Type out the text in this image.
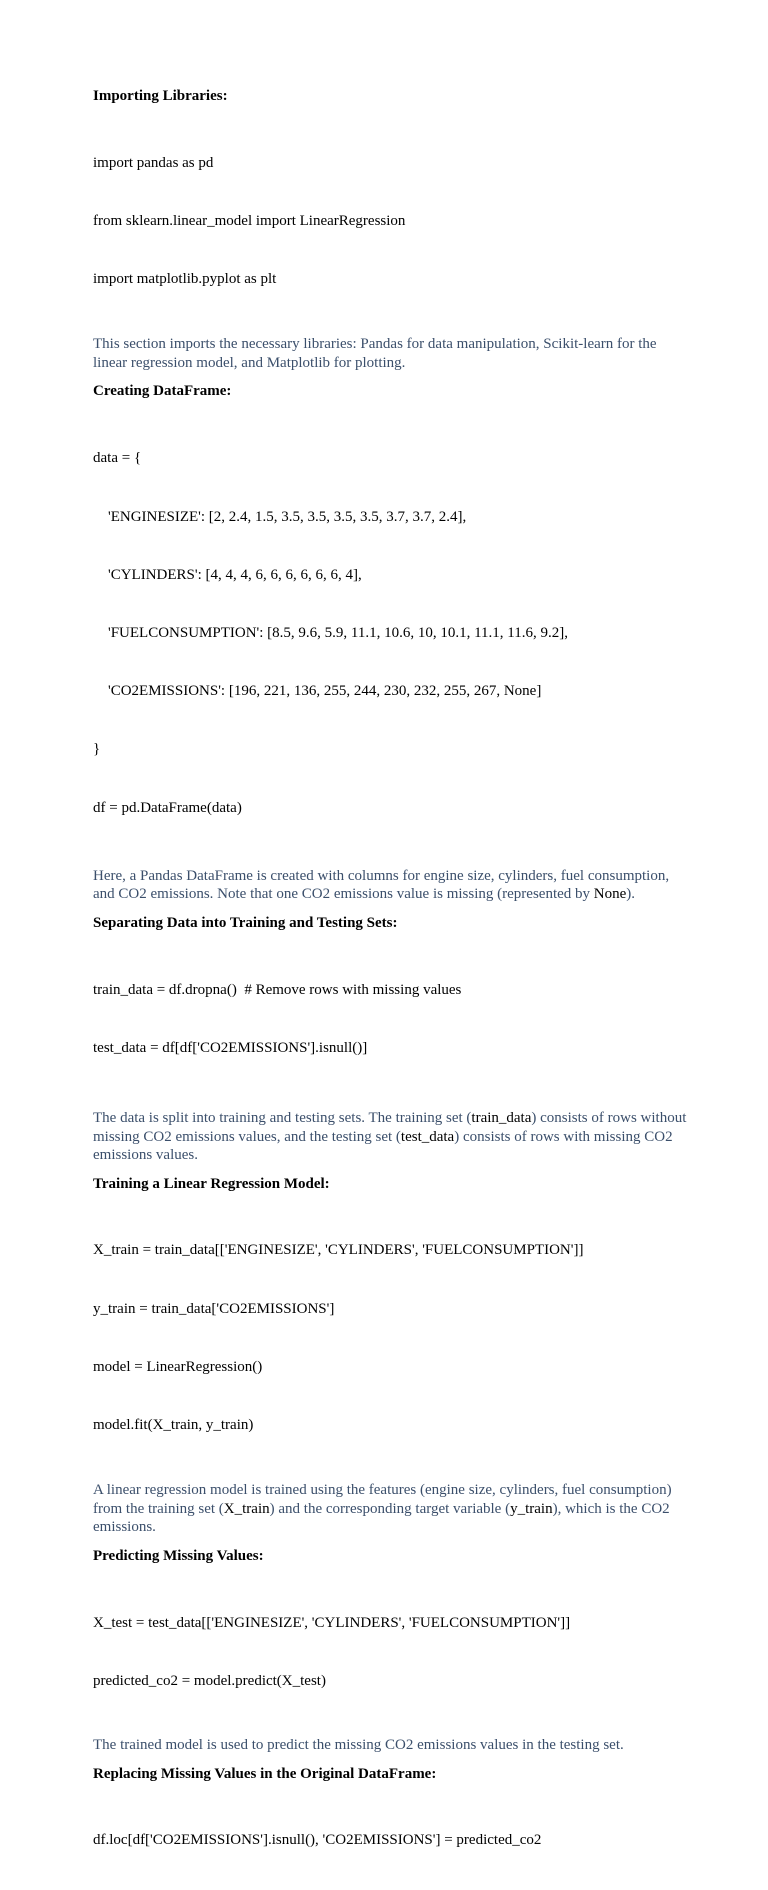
Importing Libraries:

import pandas as pd

from sklearn.linear_model import LinearRegression

import matplotlib.pyplot as plt

This section imports the necessary libraries: Pandas for data manipulation, Scikit-learn for the linear regression model, and Matplotlib for plotting.

Creating DataFrame:

data = {

'ENGINESIZE': [2, 2.4, 1.5, 3.5, 3.5, 3.5, 3.5, 3.7, 3.7, 2.4],

'CYLINDERS': [4, 4, 4, 6, 6, 6, 6, 6, 6, 4],

'FUELCONSUMPTION': [8.5, 9.6, 5.9, 11.1, 10.6, 10, 10.1, 11.1, 11.6, 9.2],

'CO2EMISSIONS': [196, 221, 136, 255, 244, 230, 232, 255, 267, None]

}

df = pd.DataFrame(data)

Here, a Pandas DataFrame is created with columns for engine size, cylinders, fuel consumption, and CO2 emissions. Note that one CO2 emissions value is missing (represented by None).

Separating Data into Training and Testing Sets:

train_data = df.dropna()  # Remove rows with missing values

test_data = df[df['CO2EMISSIONS'].isnull()]

The data is split into training and testing sets. The training set (train_data) consists of rows without missing CO2 emissions values, and the testing set (test_data) consists of rows with missing CO2 emissions values.

Training a Linear Regression Model:

X_train = train_data[['ENGINESIZE', 'CYLINDERS', 'FUELCONSUMPTION']]

y_train = train_data['CO2EMISSIONS']

model = LinearRegression()

model.fit(X_train, y_train)

A linear regression model is trained using the features (engine size, cylinders, fuel consumption) from the training set (X_train) and the corresponding target variable (y_train), which is the CO2 emissions.

Predicting Missing Values:

X_test = test_data[['ENGINESIZE', 'CYLINDERS', 'FUELCONSUMPTION']]

predicted_co2 = model.predict(X_test)

The trained model is used to predict the missing CO2 emissions values in the testing set.

Replacing Missing Values in the Original DataFrame:

df.loc[df['CO2EMISSIONS'].isnull(), 'CO2EMISSIONS'] = predicted_co2
